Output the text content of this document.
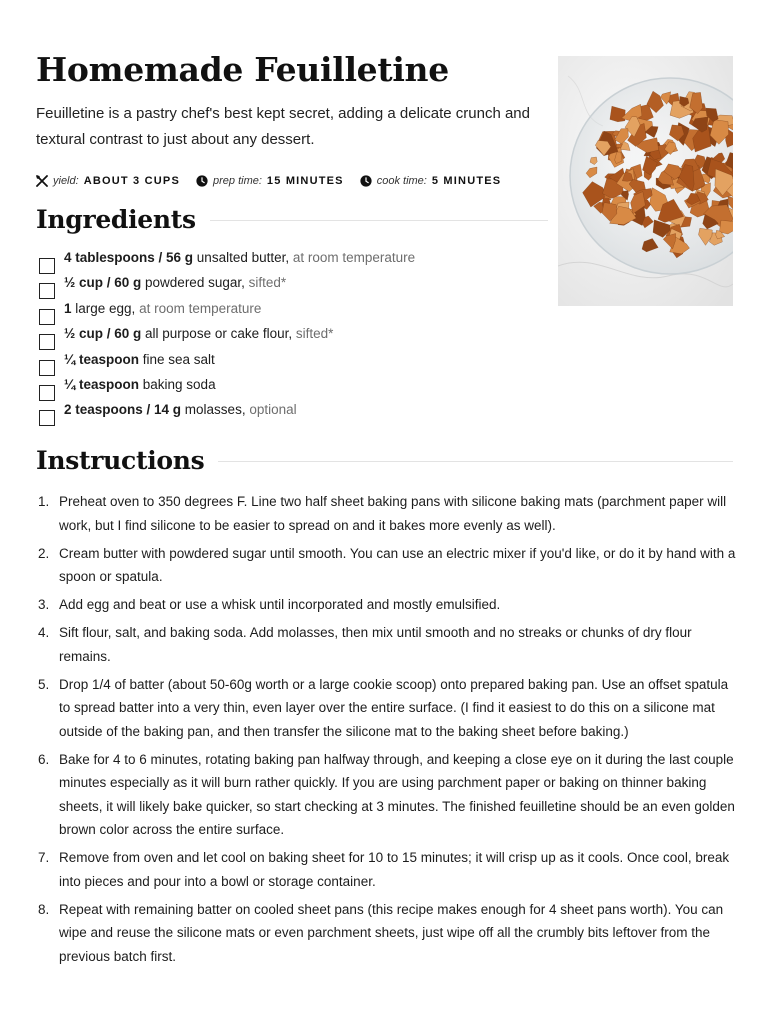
Homemade Feuilletine

Feuilletine is a pastry chef's best kept secret, adding a delicate crunch and textural contrast to just about any dessert.

yield: ABOUT 3 CUPS	prep time: 15 MINUTES	cook time: 5 MINUTES
Ingredients
4 tablespoons / 56 g unsalted butter, at room temperature
½ cup / 60 g powdered sugar, sifted*
1 large egg, at room temperature
½ cup / 60 g all purpose or cake flour, sifted*
¼ teaspoon fine sea salt
¼ teaspoon baking soda
2 teaspoons / 14 g molasses, optional
Instructions
1. Preheat oven to 350 degrees F. Line two half sheet baking pans with silicone baking mats (parchment paper will work, but I find silicone to be easier to spread on and it bakes more evenly as well).
2. Cream butter with powdered sugar until smooth. You can use an electric mixer if you'd like, or do it by hand with a spoon or spatula.
3. Add egg and beat or use a whisk until incorporated and mostly emulsified.
4. Sift flour, salt, and baking soda. Add molasses, then mix until smooth and no streaks or chunks of dry flour remains.
5. Drop 1/4 of batter (about 50-60g worth or a large cookie scoop) onto prepared baking pan. Use an offset spatula to spread batter into a very thin, even layer over the entire surface. (I find it easiest to do this on a silicone mat outside of the baking pan, and then transfer the silicone mat to the baking sheet before baking.)
6. Bake for 4 to 6 minutes, rotating baking pan halfway through, and keeping a close eye on it during the last couple minutes especially as it will burn rather quickly. If you are using parchment paper or baking on thinner baking sheets, it will likely bake quicker, so start checking at 3 minutes. The finished feuilletine should be an even golden brown color across the entire surface.
7. Remove from oven and let cool on baking sheet for 10 to 15 minutes; it will crisp up as it cools. Once cool, break into pieces and pour into a bowl or storage container.
8. Repeat with remaining batter on cooled sheet pans (this recipe makes enough for 4 sheet pans worth). You can wipe and reuse the silicone mats or even parchment sheets, just wipe off all the crumbly bits leftover from the previous batch first.
